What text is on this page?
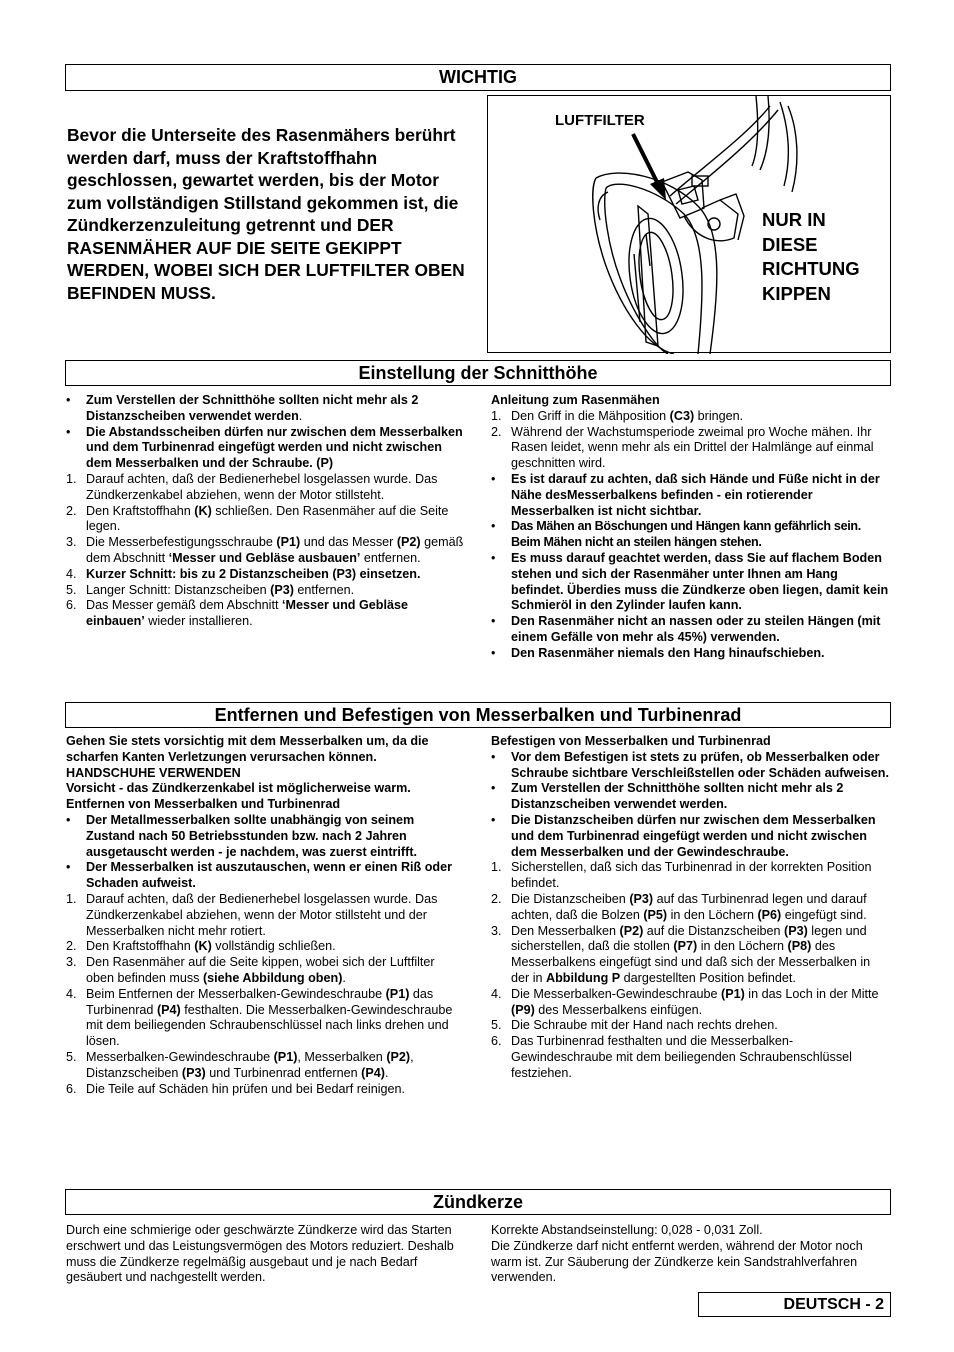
WICHTIG
Bevor die Unterseite des Rasenmähers berührt werden darf, muss der Kraftstoffhahn geschlossen, gewartet werden, bis der Motor zum vollständigen Stillstand gekommen ist, die Zündkerzenzuleitung getrennt und DER RASENMÄHER AUF DIE SEITE GEKIPPT WERDEN, WOBEI SICH DER LUFTFILTER OBEN BEFINDEN MUSS.
LUFTFILTER
NUR IN
DIESE
RICHTUNG
KIPPEN
Einstellung der Schnitthöhe
•	Zum Verstellen der Schnitthöhe sollten nicht mehr als 2 Distanzscheiben verwendet werden.
•	Die Abstandsscheiben dürfen nur zwischen dem Messerbalken und dem Turbinenrad eingefügt werden und nicht zwischen dem Messerbalken und der Schraube. (P)
1. Darauf achten, daß der Bedienerhebel losgelassen wurde. Das Zündkerzenkabel abziehen, wenn der Motor stillsteht.
2. Den Kraftstoffhahn (K) schließen. Den Rasenmäher auf die Seite legen.
3. Die Messerbefestigungsschraube (P1) und das Messer (P2) gemäß dem Abschnitt ‘Messer und Gebläse ausbauen’ entfernen.
4. Kurzer Schnitt: bis zu 2 Distanzscheiben (P3) einsetzen.
5. Langer Schnitt: Distanzscheiben (P3) entfernen.
6. Das Messer gemäß dem Abschnitt ‘Messer und Gebläse einbauen’ wieder installieren.

Anleitung zum Rasenmähen

1. Den Griff in die Mähposition (C3) bringen.
2. Während der Wachstumsperiode zweimal pro Woche mähen. Ihr Rasen leidet, wenn mehr als ein Drittel der Halmlänge auf einmal geschnitten wird.
•	Es ist darauf zu achten, daß sich Hände und Füße nicht in der Nähe desMesserbalkens befinden - ein rotierender Messerbalken ist nicht sichtbar.
•	Das Mähen an Böschungen und Hängen kann gefährlich sein. Beim Mähen nicht an steilen hängen stehen.
•	Es muss darauf geachtet werden, dass Sie auf flachem Boden stehen und sich der Rasenmäher unter Ihnen am Hang befindet. Überdies muss die Zündkerze oben liegen, damit kein Schmieröl in den Zylinder laufen kann.
•	Den Rasenmäher nicht an nassen oder zu steilen Hängen (mit einem Gefälle von mehr als 45%) verwenden.
•	Den Rasenmäher niemals den Hang hinaufschieben.
Entfernen und Befestigen von Messerbalken und Turbinenrad

Gehen Sie stets vorsichtig mit dem Messerbalken um, da die scharfen Kanten Verletzungen verursachen können. HANDSCHUHE VERWENDEN

Vorsicht - das Zündkerzenkabel ist möglicherweise warm.

Entfernen von Messerbalken und Turbinenrad

•	Der Metallmesserbalken sollte unabhängig von seinem Zustand nach 50 Betriebsstunden bzw. nach 2 Jahren ausgetauscht werden - je nachdem, was zuerst eintrifft.
•	Der Messerbalken ist auszutauschen, wenn er einen Riß oder Schaden aufweist.
1. Darauf achten, daß der Bedienerhebel losgelassen wurde. Das Zündkerzenkabel abziehen, wenn der Motor stillsteht und der Messerbalken nicht mehr rotiert.
2. Den Kraftstoffhahn (K) vollständig schließen.
3. Den Rasenmäher auf die Seite kippen, wobei sich der Luftfilter oben befinden muss (siehe Abbildung oben).
4. Beim Entfernen der Messerbalken-Gewindeschraube (P1) das Turbinenrad (P4) festhalten. Die Messerbalken-Gewindeschraube mit dem beiliegenden Schraubenschlüssel nach links drehen und lösen.
5. Messerbalken-Gewindeschraube (P1), Messerbalken (P2), Distanzscheiben (P3) und Turbinenrad entfernen (P4).
6. Die Teile auf Schäden hin prüfen und bei Bedarf reinigen.

Befestigen von Messerbalken und Turbinenrad

•	Vor dem Befestigen ist stets zu prüfen, ob Messerbalken oder Schraube sichtbare Verschleißstellen oder Schäden aufweisen.
•	Zum Verstellen der Schnitthöhe sollten nicht mehr als 2 Distanzscheiben verwendet werden.
•	Die Distanzscheiben dürfen nur zwischen dem Messerbalken und dem Turbinenrad eingefügt werden und nicht zwischen dem Messerbalken und der Gewindeschraube.
1. Sicherstellen, daß sich das Turbinenrad in der korrekten Position befindet.
2. Die Distanzscheiben (P3) auf das Turbinenrad legen und darauf achten, daß die Bolzen (P5) in den Löchern (P6) eingefügt sind.
3. Den Messerbalken (P2) auf die Distanzscheiben (P3) legen und sicherstellen, daß die stollen (P7) in den Löchern (P8) des Messerbalkens eingefügt sind und daß sich der Messerbalken in der in Abbildung P dargestellten Position befindet.
4. Die Messerbalken-Gewindeschraube (P1) in das Loch in der Mitte (P9) des Messerbalkens einfügen.
5. Die Schraube mit der Hand nach rechts drehen.
6. Das Turbinenrad festhalten und die Messerbalken-Gewindeschraube mit dem beiliegenden Schraubenschlüssel festziehen.
Zündkerze

Durch eine schmierige oder geschwärzte Zündkerze wird das Starten erschwert und das Leistungsvermögen des Motors reduziert. Deshalb muss die Zündkerze regelmäßig ausgebaut und je nach Bedarf gesäubert und nachgestellt werden.

Korrekte Abstandseinstellung: 0,028 - 0,031 Zoll.

Die Zündkerze darf nicht entfernt werden, während der Motor noch warm ist. Zur Säuberung der Zündkerze kein Sandstrahlverfahren verwenden.

DEUTSCH - 2
